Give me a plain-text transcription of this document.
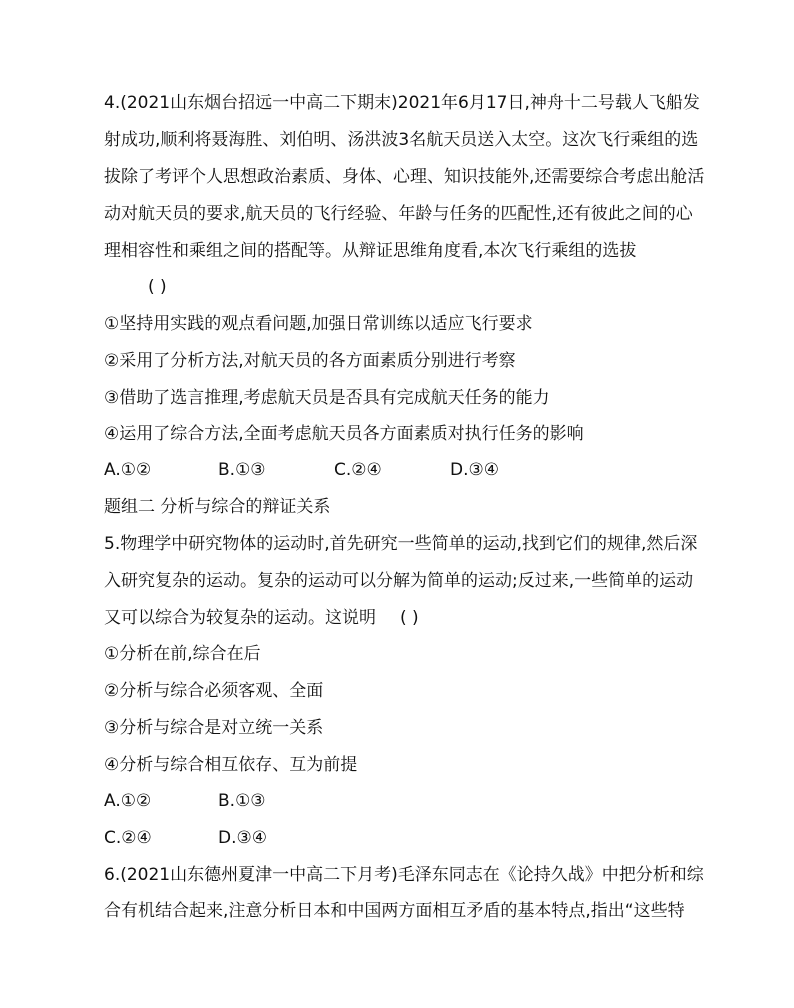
4.(2021山东烟台招远一中高二下期末)2021年6月17日,神舟十二号载人飞船发
射成功,顺利将聂海胜、刘伯明、汤洪波3名航天员送入太空。这次飞行乘组的选
拔除了考评个人思想政治素质、身体、心理、知识技能外,还需要综合考虑出舱活
动对航天员的要求,航天员的飞行经验、年龄与任务的匹配性,还有彼此之间的心
理相容性和乘组之间的搭配等。从辩证思维角度看,本次飞行乘组的选拔
( )
①坚持用实践的观点看问题,加强日常训练以适应飞行要求
②采用了分析方法,对航天员的各方面素质分别进行考察
③借助了选言推理,考虑航天员是否具有完成航天任务的能力
④运用了综合方法,全面考虑航天员各方面素质对执行任务的影响
A.①②	B.①③	C.②④	D.③④
题组二 分析与综合的辩证关系
5.物理学中研究物体的运动时,首先研究一些简单的运动,找到它们的规律,然后深
入研究复杂的运动。复杂的运动可以分解为简单的运动;反过来,一些简单的运动
又可以综合为较复杂的运动。这说明 ( )
①分析在前,综合在后
②分析与综合必须客观、全面
③分析与综合是对立统一关系
④分析与综合相互依存、互为前提
A.①②	B.①③
C.②④	D.③④
6.(2021山东德州夏津一中高二下月考)毛泽东同志在《论持久战》中把分析和综
合有机结合起来,注意分析日本和中国两方面相互矛盾的基本特点,指出“这些特
